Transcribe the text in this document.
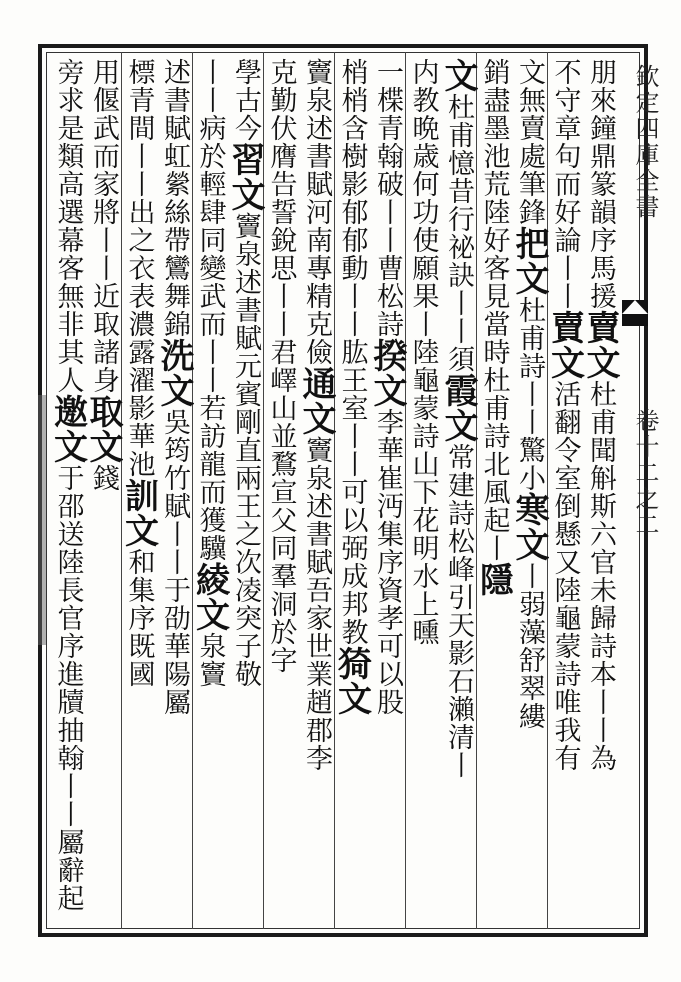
欽定四庫全書
卷十二之二
朋來鐘鼎篆韻序馬援賣文杜甫聞斛斯六官未歸詩本丨丨為
不守章句而好論丨丨賣文活翻令室倒懸又陸龜蒙詩唯我有
文無賣處筆鋒把文杜甫詩丨丨驚小寒文丨弱藻舒翠縷
銷盡墨池荒陸好客見當時杜甫詩北風起丨隱
文杜甫憶昔行祕訣丨丨須霞文常建詩松峰引天影石瀨清丨
内教晩歳何功使願果丨陸龜蒙詩山下花明水上曛
一楪青翰破丨丨曹松詩揆文李華崔沔集序資孝可以股
梢梢含樹影郁郁動丨丨肱王室丨丨可以弼成邦教猗文
竇泉述書賦河南專精克儉通文竇泉述書賦吾家世業趙郡李
克勤伏膺告誓銳思丨丨君嶧山並鶩宣父同羣洞於字
學古今習文竇泉述書賦元賓剛直兩王之次凌突子敬
丨丨病於輕肆同變武而丨丨若訪龍而獲驥綾文泉竇
述書賦虹縈絲帶鸞舞錦洗文吳筠竹賦丨丨于劭華陽屬
標青間丨丨出之衣表濃露濯影華池訓文和集序既國
用偃武而家將丨丨近取諸身取文錢
旁求是類高選幕客無非其人邀文于邵送陸長官序進牘抽翰丨丨屬辭起
